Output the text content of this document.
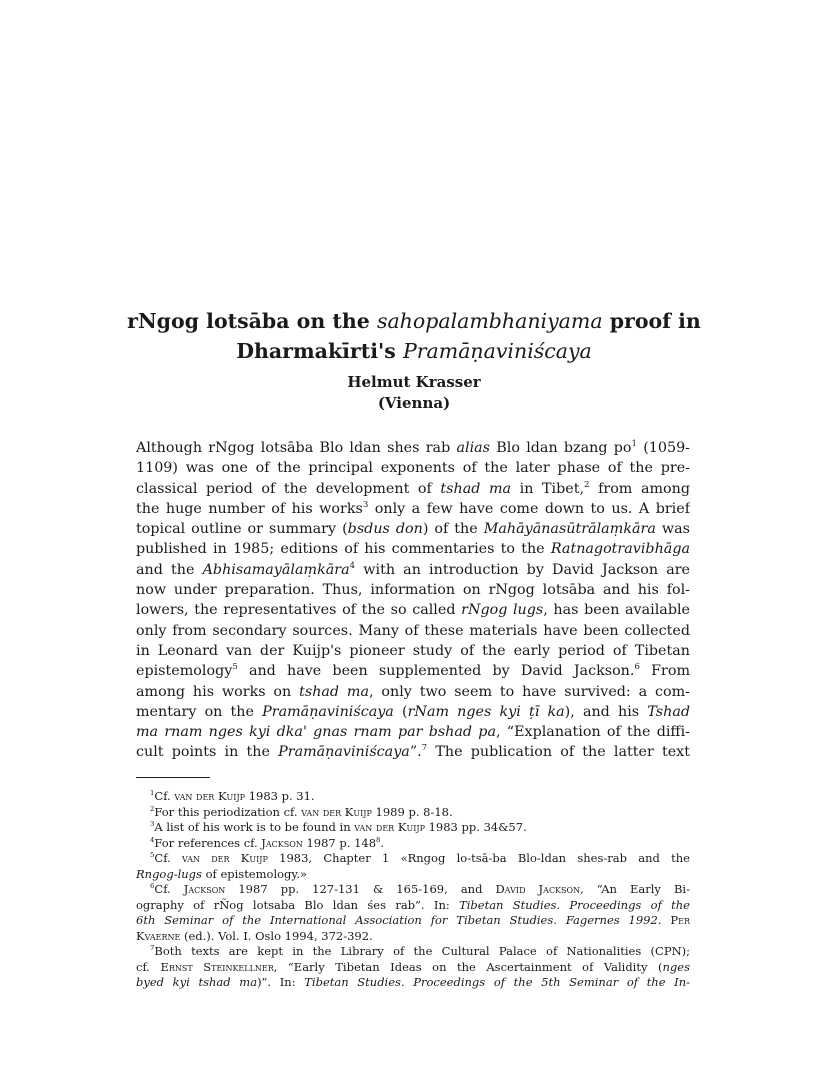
rNgog lotsāba on the sahopalambhaniyama proof in
Dharmakīrti's Pramāṇaviniścaya
Helmut Krasser
(Vienna)
Although rNgog lotsāba Blo ldan shes rab alias Blo ldan bzang $po^1$ (1059-
1109) was one of the principal exponents of the later phase of the pre-
classical period of the development of tshad ma in Tibet,$^2$ from among
the huge number of his works$^3$ only a few have come down to us. A brief
topical outline or summary (bsdus don) of the Mahāyānasūtrālaṃkāra was
published in 1985; editions of his commentaries to the Ratnagotravibhāga
and the Abhisamayālaṃkāra$^4$ with an introduction by David Jackson are
now under preparation. Thus, information on rNgog lotsāba and his fol-
lowers, the representatives of the so called rNgog lugs, has been available
only from secondary sources. Many of these materials have been collected
in Leonard van der Kuijp's pioneer study of the early period of Tibetan
epistemology$^5$ and have been supplemented by David Jackson.$^6$ From
among his works on tshad ma, only two seem to have survived: a com-
mentary on the Pramāṇaviniścaya (rNam nges kyi ṭī ka), and his Tshad
ma rnam nges kyi dka' gnas rnam par bshad pa, “Explanation of the diffi-
cult points in the Pramāṇaviniścaya”.$^7$ The publication of the latter text
$^1$Cf. van der Kuijp 1983 p. 31.
$^2$For this periodization cf. van der Kuijp 1989 p. 8-18.
$^3$A list of his work is to be found in van der Kuijp 1983 pp. 34&57.
$^4$For references cf. Jackson 1987 p. $148^8$.
$^5$Cf. van der Kuijp 1983, Chapter 1 «Rngog lo-tsā-ba Blo-ldan shes-rab and the
Rngog-lugs of epistemology.»
$^6$Cf. Jackson 1987 pp. 127-131 & 165-169, and David Jackson, “An Early Bi-
ography of rÑog lotsaba Blo ldan śes rab”. In: Tibetan Studies. Proceedings of the
6th Seminar of the International Association for Tibetan Studies. Fagernes 1992. Per
Kvaerne (ed.). Vol. I. Oslo 1994, 372-392.
$^7$Both texts are kept in the Library of the Cultural Palace of Nationalities (CPN);
cf. Ernst Steinkellner, “Early Tibetan Ideas on the Ascertainment of Validity (nges
byed kyi tshad ma)”. In: Tibetan Studies. Proceedings of the 5th Seminar of the In-
